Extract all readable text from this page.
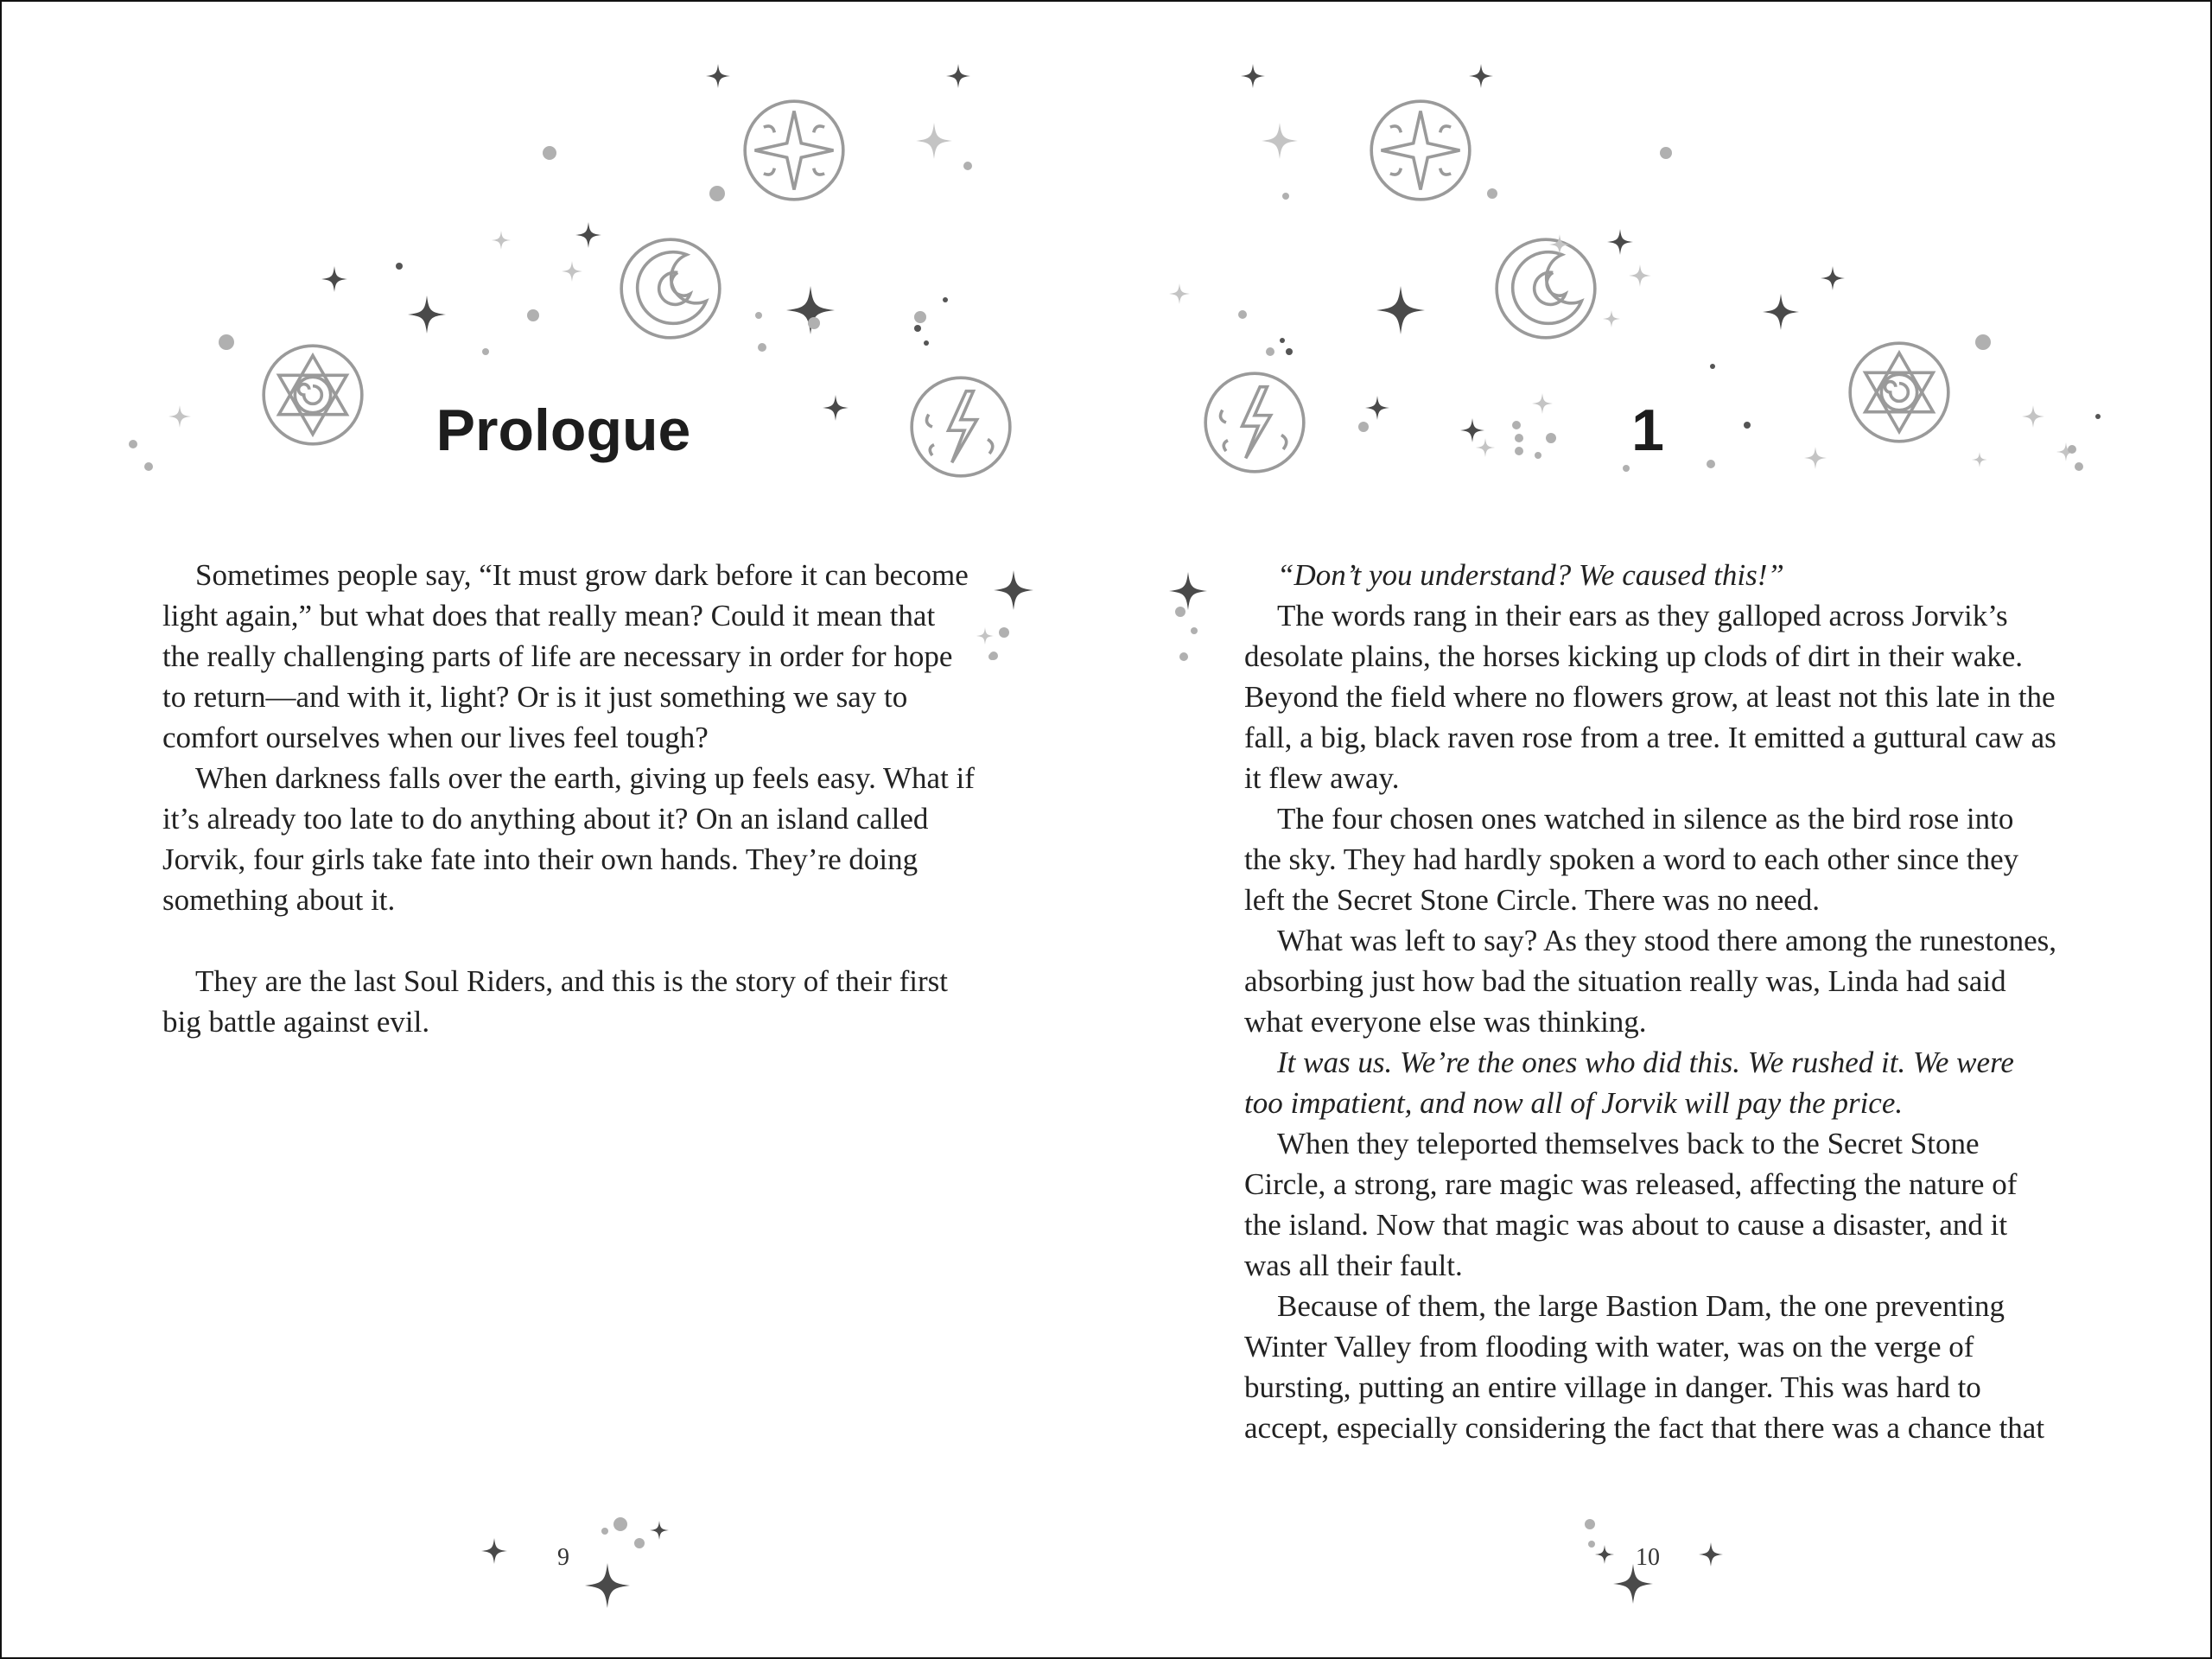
Prologue

Sometimes people say, “It must grow dark before it can become light again,” but what does that really mean? Could it mean that the really challenging parts of life are necessary in order for hope to return—and with it, light? Or is it just something we say to comfort ourselves when our lives feel tough?

When darkness falls over the earth, giving up feels easy. What if it’s already too late to do anything about it? On an island called Jorvik, four girls take fate into their own hands. They’re doing something about it.

They are the last Soul Riders, and this is the story of their first big battle against evil.

9
1

“Don’t you understand? We caused this!”

The words rang in their ears as they galloped across Jorvik’s desolate plains, the horses kicking up clods of dirt in their wake. Beyond the field where no flowers grow, at least not this late in the fall, a big, black raven rose from a tree. It emitted a guttural caw as it flew away.

The four chosen ones watched in silence as the bird rose into the sky. They had hardly spoken a word to each other since they left the Secret Stone Circle. There was no need.

What was left to say? As they stood there among the runestones, absorbing just how bad the situation really was, Linda had said what everyone else was thinking.

It was us. We’re the ones who did this. We rushed it. We were too impatient, and now all of Jorvik will pay the price.

When they teleported themselves back to the Secret Stone Circle, a strong, rare magic was released, affecting the nature of the island. Now that magic was about to cause a disaster, and it was all their fault.

Because of them, the large Bastion Dam, the one preventing Winter Valley from flooding with water, was on the verge of bursting, putting an entire village in danger. This was hard to accept, especially considering the fact that there was a chance that

10
